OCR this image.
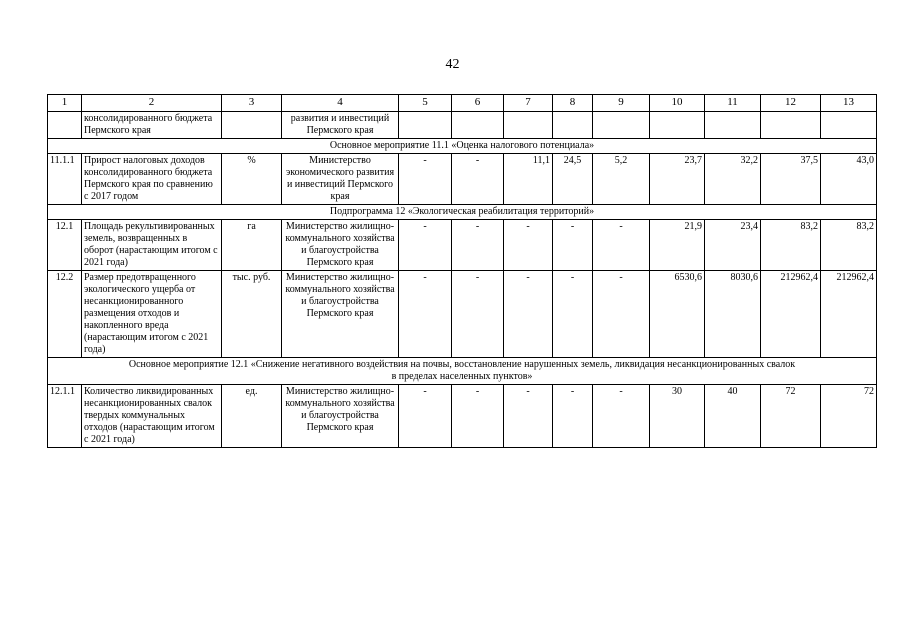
42
1	2	3	4	5	6	7	8	9	10	11	12	13
	консолидированного бюджета Пермского края		развития и инвестиций Пермского края									
Основное мероприятие 11.1 «Оценка налогового потенциала»												
11.1.1	Прирост налоговых доходов консолидированного бюджета Пермского края по сравнению с 2017 годом	%	Министерство экономического развития и инвестиций Пермского края	-	-	11,1	24,5	5,2	23,7	32,2	37,5	43,0
Подпрограмма 12 «Экологическая реабилитация территорий»												
12.1	Площадь рекультивированных земель, возвращенных в оборот (нарастающим итогом с 2021 года)	га	Министерство жилищно-коммунального хозяйства и благоустройства Пермского края	-	-	-	-	-	21,9	23,4	83,2	83,2
12.2	Размер предотвращенного экологического ущерба от несанкционированного размещения отходов и накопленного вреда (нарастающим итогом с 2021 года)	тыс. руб.	Министерство жилищно-коммунального хозяйства и благоустройства Пермского края	-	-	-	-	-	6530,6	8030,6	212962,4	212962,4

Основное мероприятие 12.1 «Снижение негативного воздействия на почвы, восстановление нарушенных земель, ликвидация несанкционированных свалок
в пределах населенных пунктов»												

12.1.1	Количество ликвидированных несанкционированных свалок твердых коммунальных отходов (нарастающим итогом с 2021 года)	ед.	Министерство жилищно-коммунального хозяйства и благоустройства Пермского края	-	-	-	-	-	30	40	72	72
